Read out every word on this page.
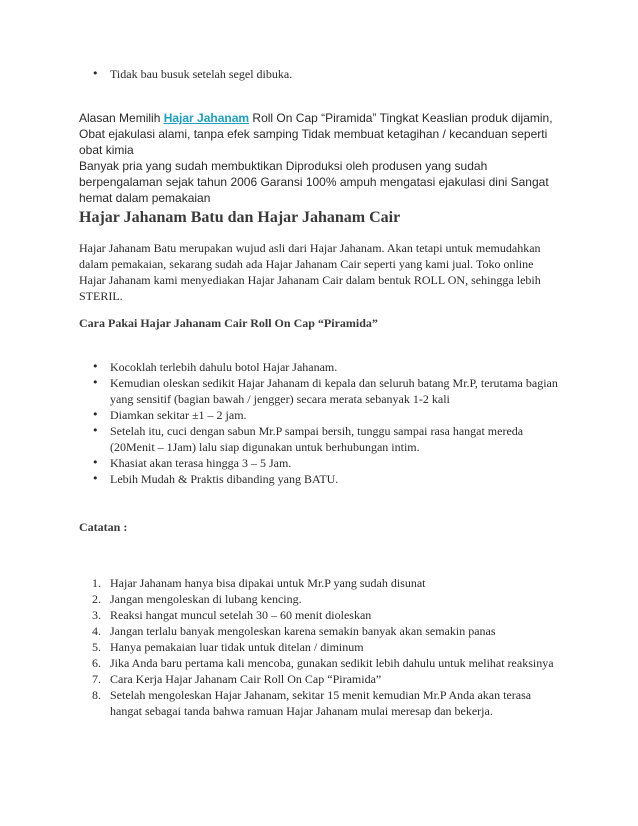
• Tidak bau busuk setelah segel dibuka.
Alasan Memilih Hajar Jahanam Roll On Cap “Piramida” Tingkat Keaslian produk dijamin, Obat ejakulasi alami, tanpa efek samping Tidak membuat ketagihan / kecanduan seperti obat kimia
Banyak pria yang sudah membuktikan Diproduksi oleh produsen yang sudah berpengalaman sejak tahun 2006 Garansi 100% ampuh mengatasi ejakulasi dini Sangat hemat dalam pemakaian
Hajar Jahanam Batu dan Hajar Jahanam Cair
Hajar Jahanam Batu merupakan wujud asli dari Hajar Jahanam. Akan tetapi untuk memudahkan dalam pemakaian, sekarang sudah ada Hajar Jahanam Cair seperti yang kami jual. Toko online Hajar Jahanam kami menyediakan Hajar Jahanam Cair dalam bentuk ROLL ON, sehingga lebih STERIL.
Cara Pakai Hajar Jahanam Cair Roll On Cap “Piramida”
• Kocoklah terlebih dahulu botol Hajar Jahanam.
• Kemudian oleskan sedikit Hajar Jahanam di kepala dan seluruh batang Mr.P, terutama bagian yang sensitif (bagian bawah / jengger) secara merata sebanyak 1-2 kali
• Diamkan sekitar ±1 – 2 jam.
• Setelah itu, cuci dengan sabun Mr.P sampai bersih, tunggu sampai rasa hangat mereda (20Menit – 1Jam) lalu siap digunakan untuk berhubungan intim.
• Khasiat akan terasa hingga 3 – 5 Jam.
• Lebih Mudah & Praktis dibanding yang BATU.
Catatan :
1. Hajar Jahanam hanya bisa dipakai untuk Mr.P yang sudah disunat
2. Jangan mengoleskan di lubang kencing.
3. Reaksi hangat muncul setelah 30 – 60 menit dioleskan
4. Jangan terlalu banyak mengoleskan karena semakin banyak akan semakin panas
5. Hanya pemakaian luar tidak untuk ditelan / diminum
6. Jika Anda baru pertama kali mencoba, gunakan sedikit lebih dahulu untuk melihat reaksinya
7. Cara Kerja Hajar Jahanam Cair Roll On Cap “Piramida”
8. Setelah mengoleskan Hajar Jahanam, sekitar 15 menit kemudian Mr.P Anda akan terasa hangat sebagai tanda bahwa ramuan Hajar Jahanam mulai meresap dan bekerja.
